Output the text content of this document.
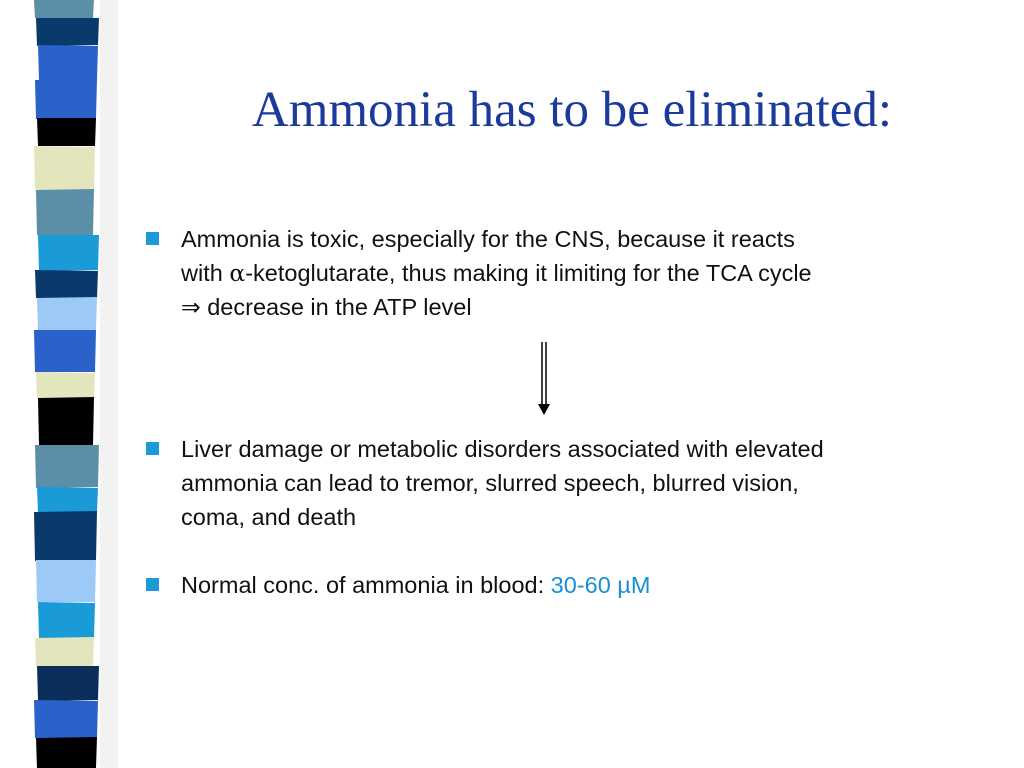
Ammonia has to be eliminated:
Ammonia is toxic, especially for the CNS, because it reacts
with α-ketoglutarate, thus making it limiting for the TCA cycle
⇒ decrease in the ATP level
Liver damage or metabolic disorders associated with elevated
ammonia can lead to tremor, slurred speech, blurred vision,
coma, and death
Normal conc. of ammonia in blood: 30-60 µM
